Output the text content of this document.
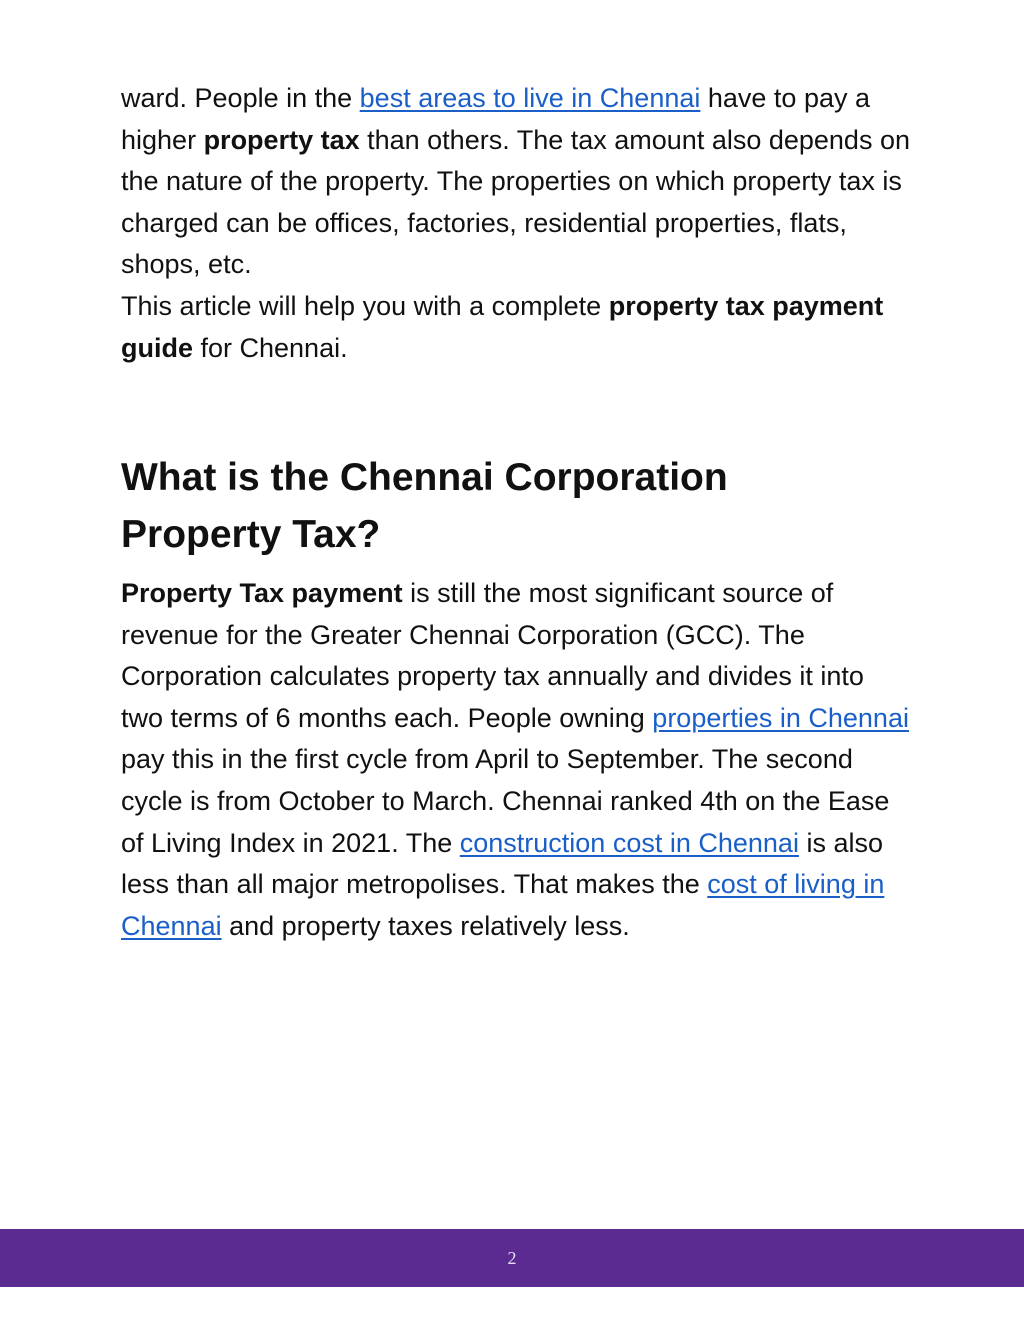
ward. People in the best areas to live in Chennai have to pay a higher property tax than others. The tax amount also depends on the nature of the property. The properties on which property tax is charged can be offices, factories, residential properties, flats, shops, etc.

This article will help you with a complete property tax payment guide for Chennai.

What is the Chennai Corporation
Property Tax?

Property Tax payment is still the most significant source of revenue for the Greater Chennai Corporation (GCC). The Corporation calculates property tax annually and divides it into two terms of 6 months each. People owning properties in Chennai pay this in the first cycle from April to September. The second cycle is from October to March. Chennai ranked 4th on the Ease of Living Index in 2021. The construction cost in Chennai is also less than all major metropolises. That makes the cost of living in Chennai and property taxes relatively less.

2
